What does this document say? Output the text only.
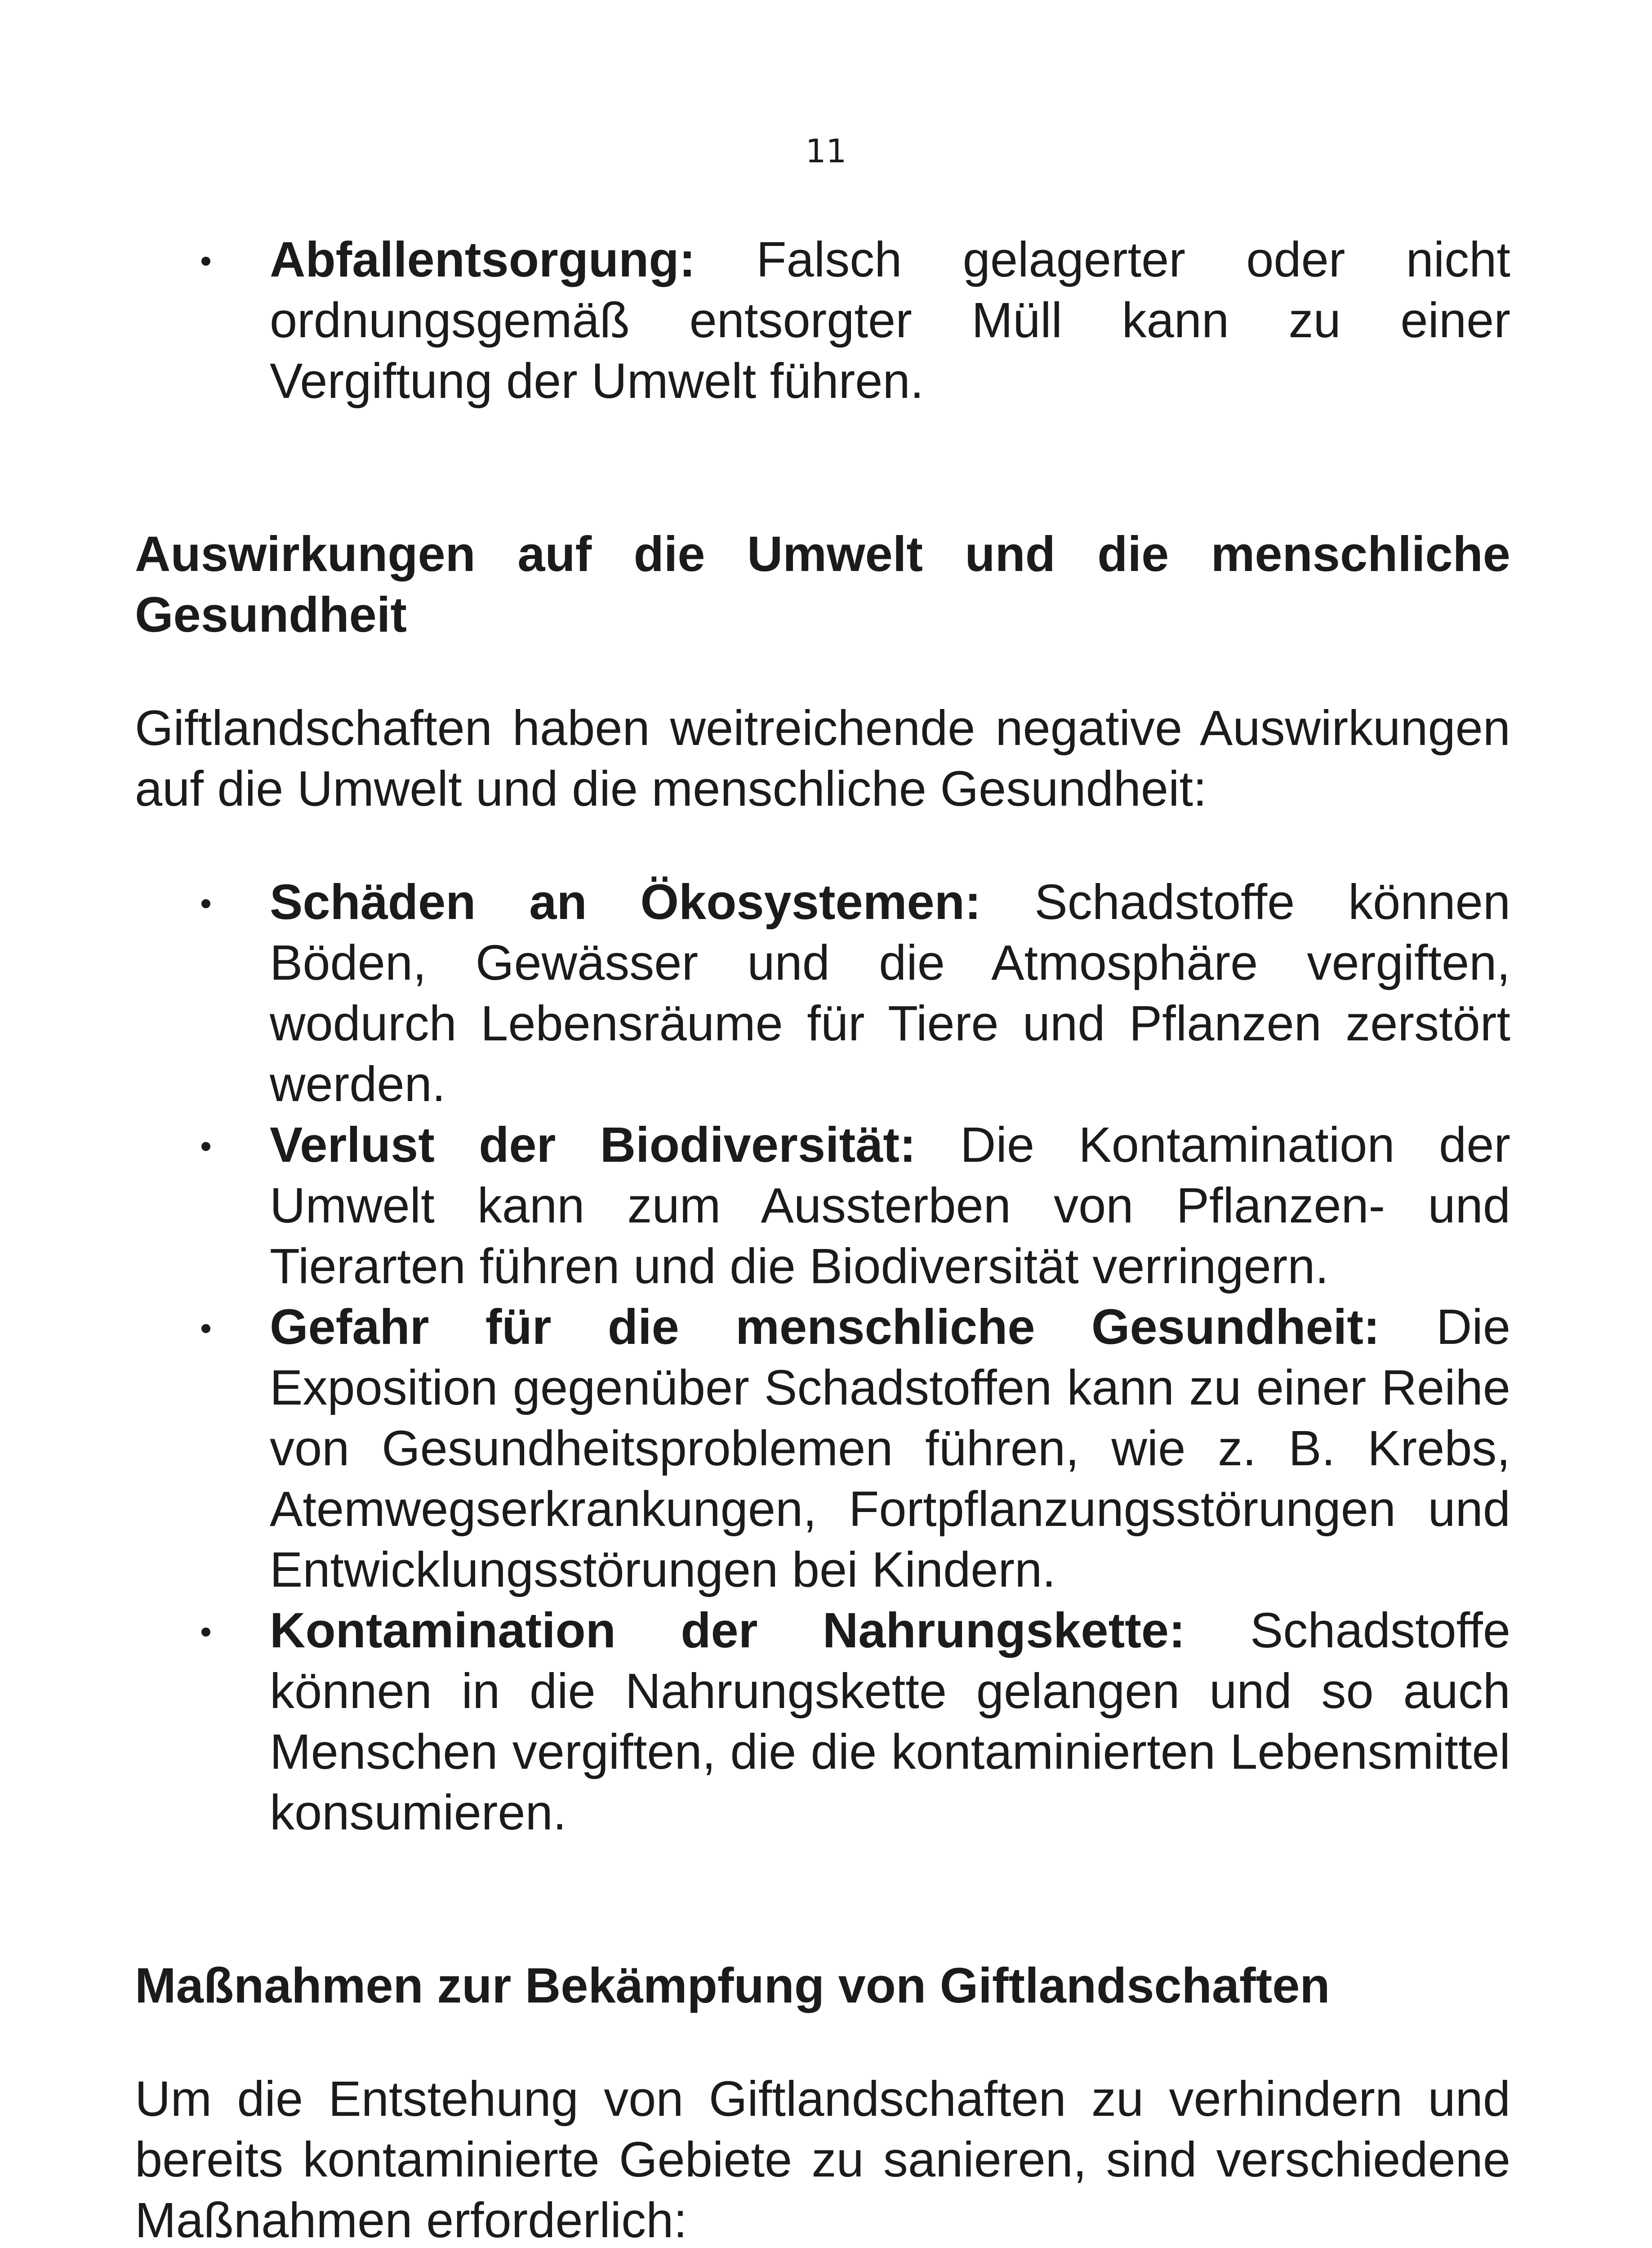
11
Abfallentsorgung: Falsch gelagerter oder nicht ordnungsgemäß entsorgter Müll kann zu einer Vergiftung der Umwelt führen.
Auswirkungen auf die Umwelt und die menschliche Gesundheit

Giftlandschaften haben weitreichende negative Auswirkungen auf die Umwelt und die menschliche Gesundheit:

Schäden an Ökosystemen: Schadstoffe können Böden, Gewässer und die Atmosphäre vergiften, wodurch Lebensräume für Tiere und Pflanzen zerstört werden.
Verlust der Biodiversität: Die Kontamination der Umwelt kann zum Aussterben von Pflanzen- und Tierarten führen und die Biodiversität verringern.
Gefahr für die menschliche Gesundheit: Die Exposition gegenüber Schadstoffen kann zu einer Reihe von Gesundheitsproblemen führen, wie z. B. Krebs, Atemwegserkrankungen, Fortpflanzungsstörungen und Entwicklungsstörungen bei Kindern.
Kontamination der Nahrungskette: Schadstoffe können in die Nahrungskette gelangen und so auch Menschen vergiften, die die kontaminierten Lebensmittel konsumieren.
Maßnahmen zur Bekämpfung von Giftlandschaften

Um die Entstehung von Giftlandschaften zu verhindern und bereits kontaminierte Gebiete zu sanieren, sind verschiedene Maßnahmen erforderlich:
